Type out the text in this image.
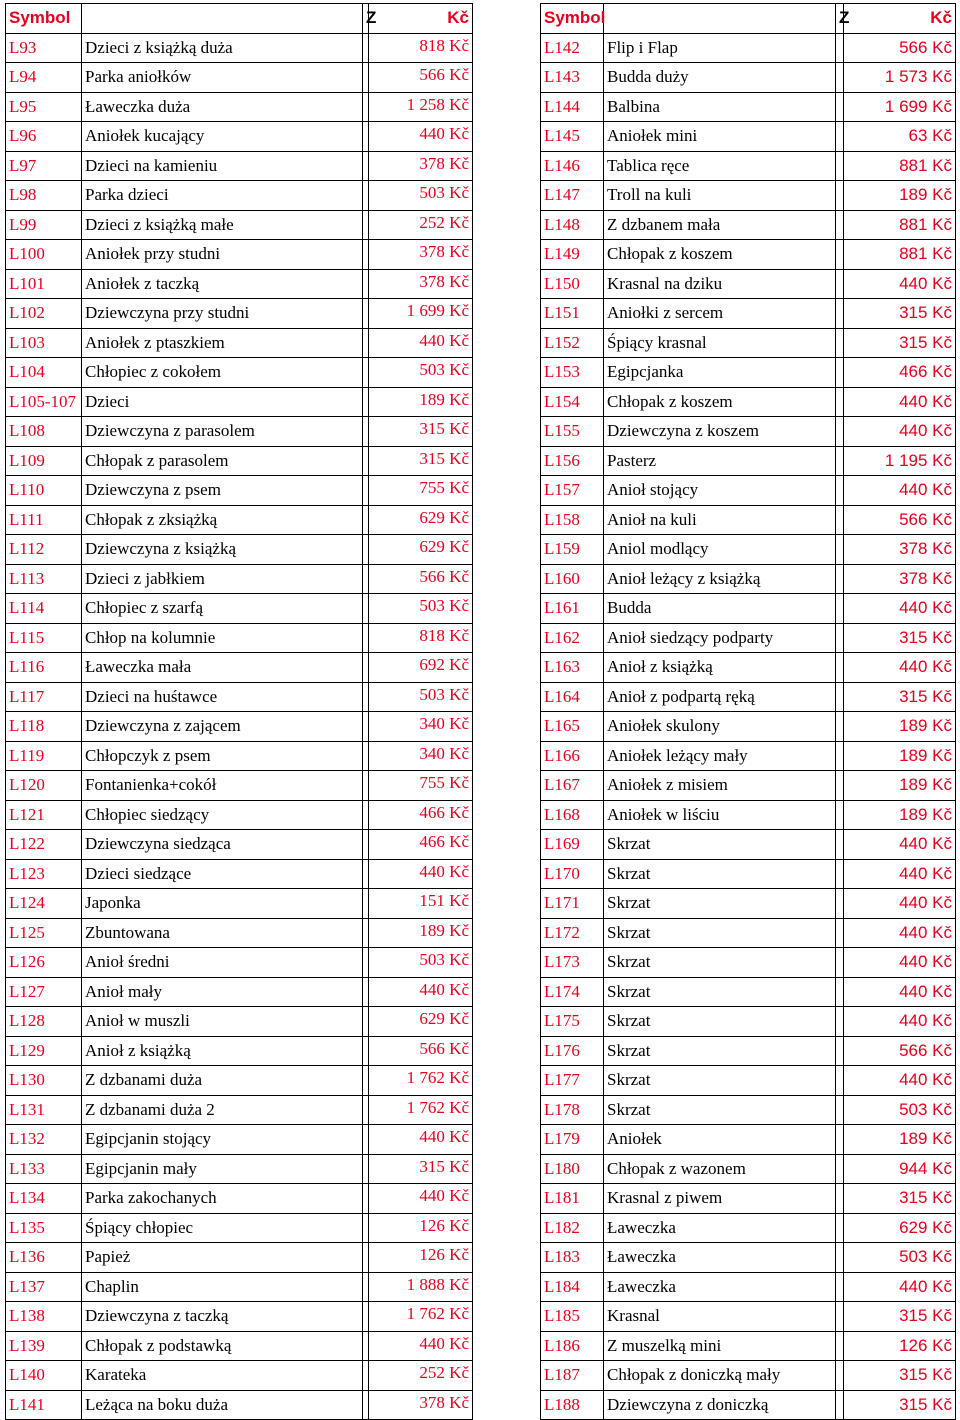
Symbol		Z	Kč
L93	Dzieci z książką duża		818 Kč
L94	Parka aniołków		566 Kč
L95	Ławeczka duża		1 258 Kč
L96	Aniołek kucający		440 Kč
L97	Dzieci na kamieniu		378 Kč
L98	Parka dzieci		503 Kč
L99	Dzieci z książką małe		252 Kč
L100	Aniołek przy studni		378 Kč
L101	Aniołek z taczką		378 Kč
L102	Dziewczyna przy studni		1 699 Kč
L103	Aniołek z ptaszkiem		440 Kč
L104	Chłopiec z cokołem		503 Kč
L105-107	Dzieci		189 Kč
L108	Dziewczyna z parasolem		315 Kč
L109	Chłopak z parasolem		315 Kč
L110	Dziewczyna z psem		755 Kč
L111	Chłopak z zksiążką		629 Kč
L112	Dziewczyna z książką		629 Kč
L113	Dzieci z jabłkiem		566 Kč
L114	Chłopiec z szarfą		503 Kč
L115	Chłop na kolumnie		818 Kč
L116	Ławeczka mała		692 Kč
L117	Dzieci na huśtawce		503 Kč
L118	Dziewczyna z zającem		340 Kč
L119	Chłopczyk z psem		340 Kč
L120	Fontanienka+cokół		755 Kč
L121	Chłopiec siedzący		466 Kč
L122	Dziewczyna siedząca		466 Kč
L123	Dzieci siedzące		440 Kč
L124	Japonka		151 Kč
L125	Zbuntowana		189 Kč
L126	Anioł średni		503 Kč
L127	Anioł mały		440 Kč
L128	Anioł w muszli		629 Kč
L129	Anioł z książką		566 Kč
L130	Z dzbanami duża		1 762 Kč
L131	Z dzbanami duża 2		1 762 Kč
L132	Egipcjanin stojący		440 Kč
L133	Egipcjanin mały		315 Kč
L134	Parka zakochanych		440 Kč
L135	Śpiący chłopiec		126 Kč
L136	Papież		126 Kč
L137	Chaplin		1 888 Kč
L138	Dziewczyna z taczką		1 762 Kč
L139	Chłopak z podstawką		440 Kč
L140	Karateka		252 Kč
L141	Leżąca na boku duża		378 Kč
Symbol		Z	Kč
L142	Flip i Flap		566 Kč
L143	Budda duży		1 573 Kč
L144	Balbina		1 699 Kč
L145	Aniołek mini		63 Kč
L146	Tablica ręce		881 Kč
L147	Troll na kuli		189 Kč
L148	Z dzbanem mała		881 Kč
L149	Chłopak z koszem		881 Kč
L150	Krasnal na dziku		440 Kč
L151	Aniołki z sercem		315 Kč
L152	Śpiący krasnal		315 Kč
L153	Egipcjanka		466 Kč
L154	Chłopak z koszem		440 Kč
L155	Dziewczyna z koszem		440 Kč
L156	Pasterz		1 195 Kč
L157	Anioł stojący		440 Kč
L158	Anioł na kuli		566 Kč
L159	Aniol modlący		378 Kč
L160	Anioł leżący z książką		378 Kč
L161	Budda		440 Kč
L162	Anioł siedzący podparty		315 Kč
L163	Anioł z książką		440 Kč
L164	Anioł z podpartą ręką		315 Kč
L165	Aniołek skulony		189 Kč
L166	Aniołek leżący mały		189 Kč
L167	Aniołek z misiem		189 Kč
L168	Aniołek w liściu		189 Kč
L169	Skrzat		440 Kč
L170	Skrzat		440 Kč
L171	Skrzat		440 Kč
L172	Skrzat		440 Kč
L173	Skrzat		440 Kč
L174	Skrzat		440 Kč
L175	Skrzat		440 Kč
L176	Skrzat		566 Kč
L177	Skrzat		440 Kč
L178	Skrzat		503 Kč
L179	Aniołek		189 Kč
L180	Chłopak z wazonem		944 Kč
L181	Krasnal z piwem		315 Kč
L182	Ławeczka		629 Kč
L183	Ławeczka		503 Kč
L184	Ławeczka		440 Kč
L185	Krasnal		315 Kč
L186	Z muszelką mini		126 Kč
L187	Chłopak z doniczką mały		315 Kč
L188	Dziewczyna z doniczką		315 Kč
